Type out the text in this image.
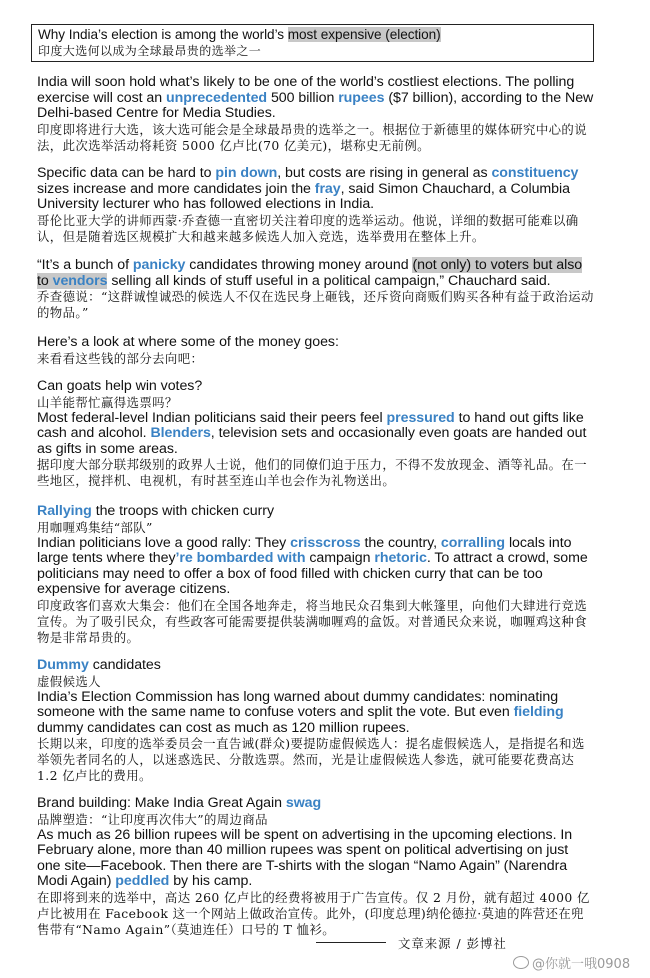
Why India’s election is among the world’s most expensive (election)
印度大选何以成为全球最昂贵的选举之一
India will soon hold what’s likely to be one of the world’s costliest elections. The polling exercise will cost an unprecedented 500 billion rupees ($7 billion), according to the New Delhi-based Centre for Media Studies.
印度即将进行大选，该大选可能会是全球最昂贵的选举之一。根据位于新德里的媒体研究中心的说法，此次选举活动将耗资 5000 亿卢比(70 亿美元)，堪称史无前例。
Specific data can be hard to pin down, but costs are rising in general as constituency sizes increase and more candidates join the fray, said Simon Chauchard, a Columbia University lecturer who has followed elections in India.
哥伦比亚大学的讲师西蒙·乔查德一直密切关注着印度的选举运动。他说，详细的数据可能难以确认，但是随着选区规模扩大和越来越多候选人加入竞选，选举费用在整体上升。
“It’s a bunch of panicky candidates throwing money around (not only) to voters but also to vendors selling all kinds of stuff useful in a political campaign,” Chauchard said.
乔查德说：“这群诚惶诚恐的候选人不仅在选民身上砸钱，还斥资向商贩们购买各种有益于政治运动的物品。”
Here’s a look at where some of the money goes:
来看看这些钱的部分去向吧：
Can goats help win votes?
山羊能帮忙赢得选票吗？
Most federal-level Indian politicians said their peers feel pressured to hand out gifts like cash and alcohol. Blenders, television sets and occasionally even goats are handed out as gifts in some areas.
据印度大部分联邦级别的政界人士说，他们的同僚们迫于压力，不得不发放现金、酒等礼品。在一些地区，搅拌机、电视机，有时甚至连山羊也会作为礼物送出。
Rallying the troops with chicken curry
用咖喱鸡集结“部队”
Indian politicians love a good rally: They crisscross the country, corralling locals into large tents where they’re bombarded with campaign rhetoric. To attract a crowd, some politicians may need to offer a box of food filled with chicken curry that can be too expensive for average citizens.
印度政客们喜欢大集会：他们在全国各地奔走，将当地民众召集到大帐篷里，向他们大肆进行竞选宣传。为了吸引民众，有些政客可能需要提供装满咖喱鸡的盒饭。对普通民众来说，咖喱鸡这种食物是非常昂贵的。
Dummy candidates
虚假候选人
India’s Election Commission has long warned about dummy candidates: nominating someone with the same name to confuse voters and split the vote. But even fielding dummy candidates can cost as much as 120 million rupees.
长期以来，印度的选举委员会一直告诫(群众)要提防虚假候选人：提名虚假候选人，是指提名和选举领先者同名的人，以迷惑选民、分散选票。然而，光是让虚假候选人参选，就可能要花费高达 1.2 亿卢比的费用。
Brand building: Make India Great Again swag
品牌塑造：“让印度再次伟大”的周边商品
As much as 26 billion rupees will be spent on advertising in the upcoming elections. In February alone, more than 40 million rupees was spent on political advertising on just one site—Facebook. Then there are T-shirts with the slogan “Namo Again” (Narendra Modi Again) peddled by his camp.
在即将到来的选举中，高达 260 亿卢比的经费将被用于广告宣传。仅 2 月份，就有超过 4000 亿卢比被用在 Facebook 这一个网站上做政治宣传。此外，(印度总理)纳伦德拉·莫迪的阵营还在兜售带有“Namo Again”（莫迪连任）口号的 T 恤衫。
文章来源 / 彭博社
@你就一哦0908
